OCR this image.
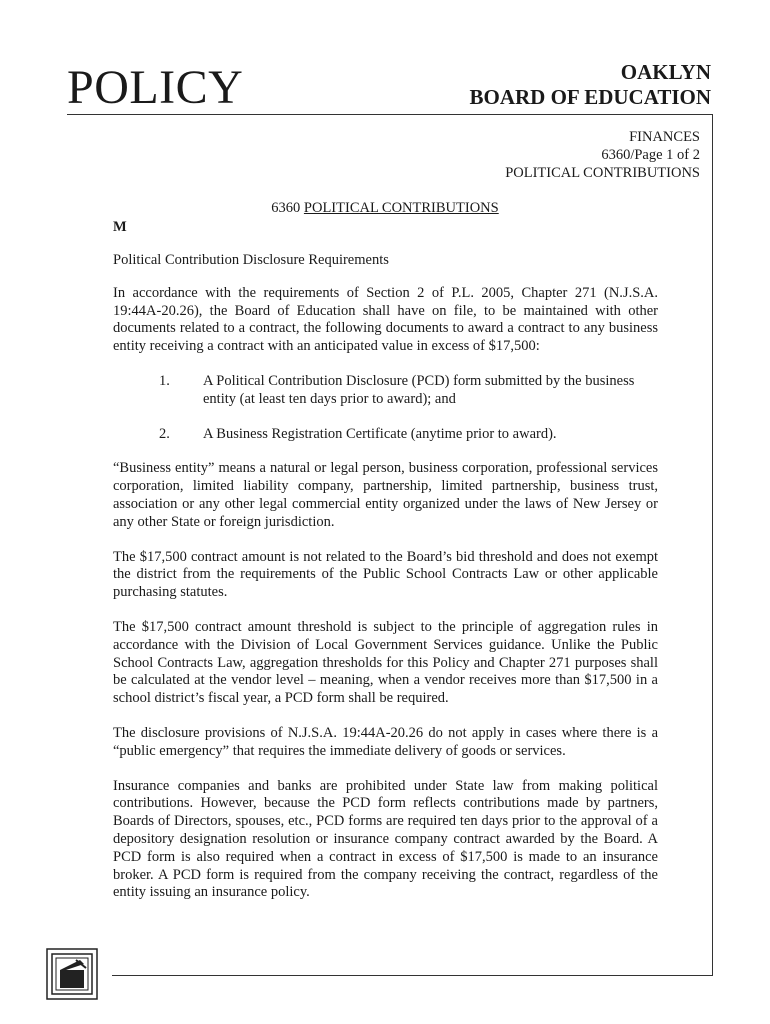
POLICY	OAKLYN
BOARD OF EDUCATION
FINANCES
6360/Page 1 of 2
POLITICAL CONTRIBUTIONS
6360 POLITICAL CONTRIBUTIONS
M

Political Contribution Disclosure Requirements

In accordance with the requirements of Section 2 of P.L. 2005, Chapter 271 (N.J.S.A. 19:44A-20.26), the Board of Education shall have on file, to be maintained with other documents related to a contract, the following documents to award a contract to any business entity receiving a contract with an anticipated value in excess of $17,500:

1. A Political Contribution Disclosure (PCD) form submitted by the business entity (at least ten days prior to award); and
2. A Business Registration Certificate (anytime prior to award).

“Business entity” means a natural or legal person, business corporation, professional services corporation, limited liability company, partnership, limited partnership, business trust, association or any other legal commercial entity organized under the laws of New Jersey or any other State or foreign jurisdiction.

The $17,500 contract amount is not related to the Board’s bid threshold and does not exempt the district from the requirements of the Public School Contracts Law or other applicable purchasing statutes.

The $17,500 contract amount threshold is subject to the principle of aggregation rules in accordance with the Division of Local Government Services guidance. Unlike the Public School Contracts Law, aggregation thresholds for this Policy and Chapter 271 purposes shall be calculated at the vendor level – meaning, when a vendor receives more than $17,500 in a school district’s fiscal year, a PCD form shall be required.

The disclosure provisions of N.J.S.A. 19:44A-20.26 do not apply in cases where there is a “public emergency” that requires the immediate delivery of goods or services.

Insurance companies and banks are prohibited under State law from making political contributions. However, because the PCD form reflects contributions made by partners, Boards of Directors, spouses, etc., PCD forms are required ten days prior to the approval of a depository designation resolution or insurance company contract awarded by the Board. A PCD form is also required when a contract in excess of $17,500 is made to an insurance broker. A PCD form is required from the company receiving the contract, regardless of the entity issuing an insurance policy.
